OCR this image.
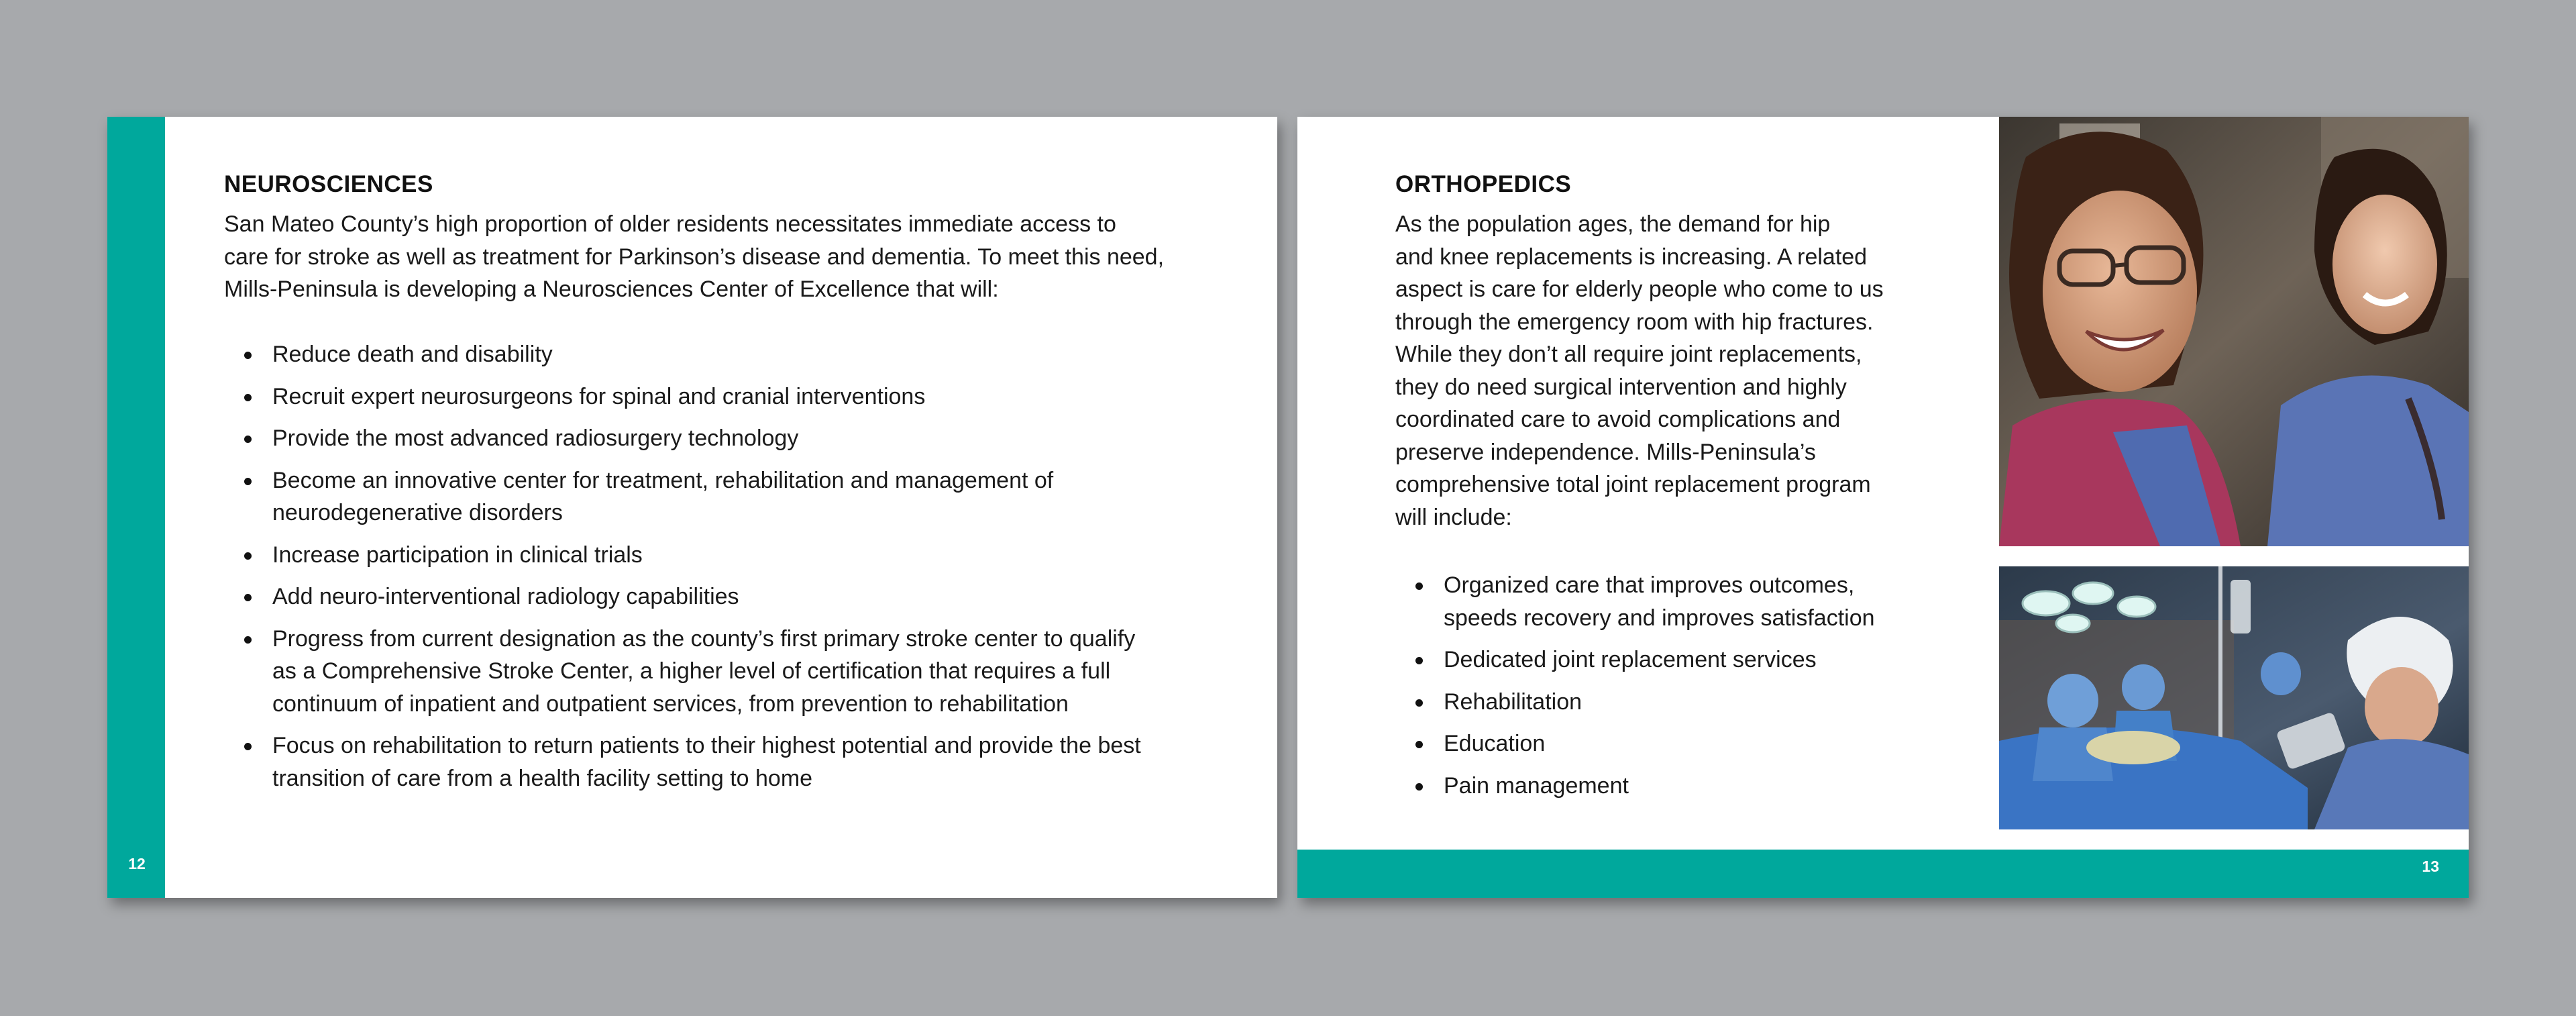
12
NEUROSCIENCES

San Mateo County’s high proportion of older residents necessitates immediate access to
care for stroke as well as treatment for Parkinson’s disease and dementia. To meet this need,
Mills-Peninsula is developing a Neurosciences Center of Excellence that will:

Reduce death and disability
Recruit expert neurosurgeons for spinal and cranial interventions
Provide the most advanced radiosurgery technology
Become an innovative center for treatment, rehabilitation and management of
neurodegenerative disorders
Increase participation in clinical trials
Add neuro-interventional radiology capabilities
Progress from current designation as the county’s first primary stroke center to qualify
as a Comprehensive Stroke Center, a higher level of certification that requires a full
continuum of inpatient and outpatient services, from prevention to rehabilitation
Focus on rehabilitation to return patients to their highest potential and provide the best
transition of care from a health facility setting to home
ORTHOPEDICS

As the population ages, the demand for hip
and knee replacements is increasing. A related
aspect is care for elderly people who come to us
through the emergency room with hip fractures.
While they don’t all require joint replacements,
they do need surgical intervention and highly
coordinated care to avoid complications and
preserve independence. Mills-Peninsula’s
comprehensive total joint replacement program
will include:

Organized care that improves outcomes,
speeds recovery and improves satisfaction
Dedicated joint replacement services
Rehabilitation
Education
Pain management
13
